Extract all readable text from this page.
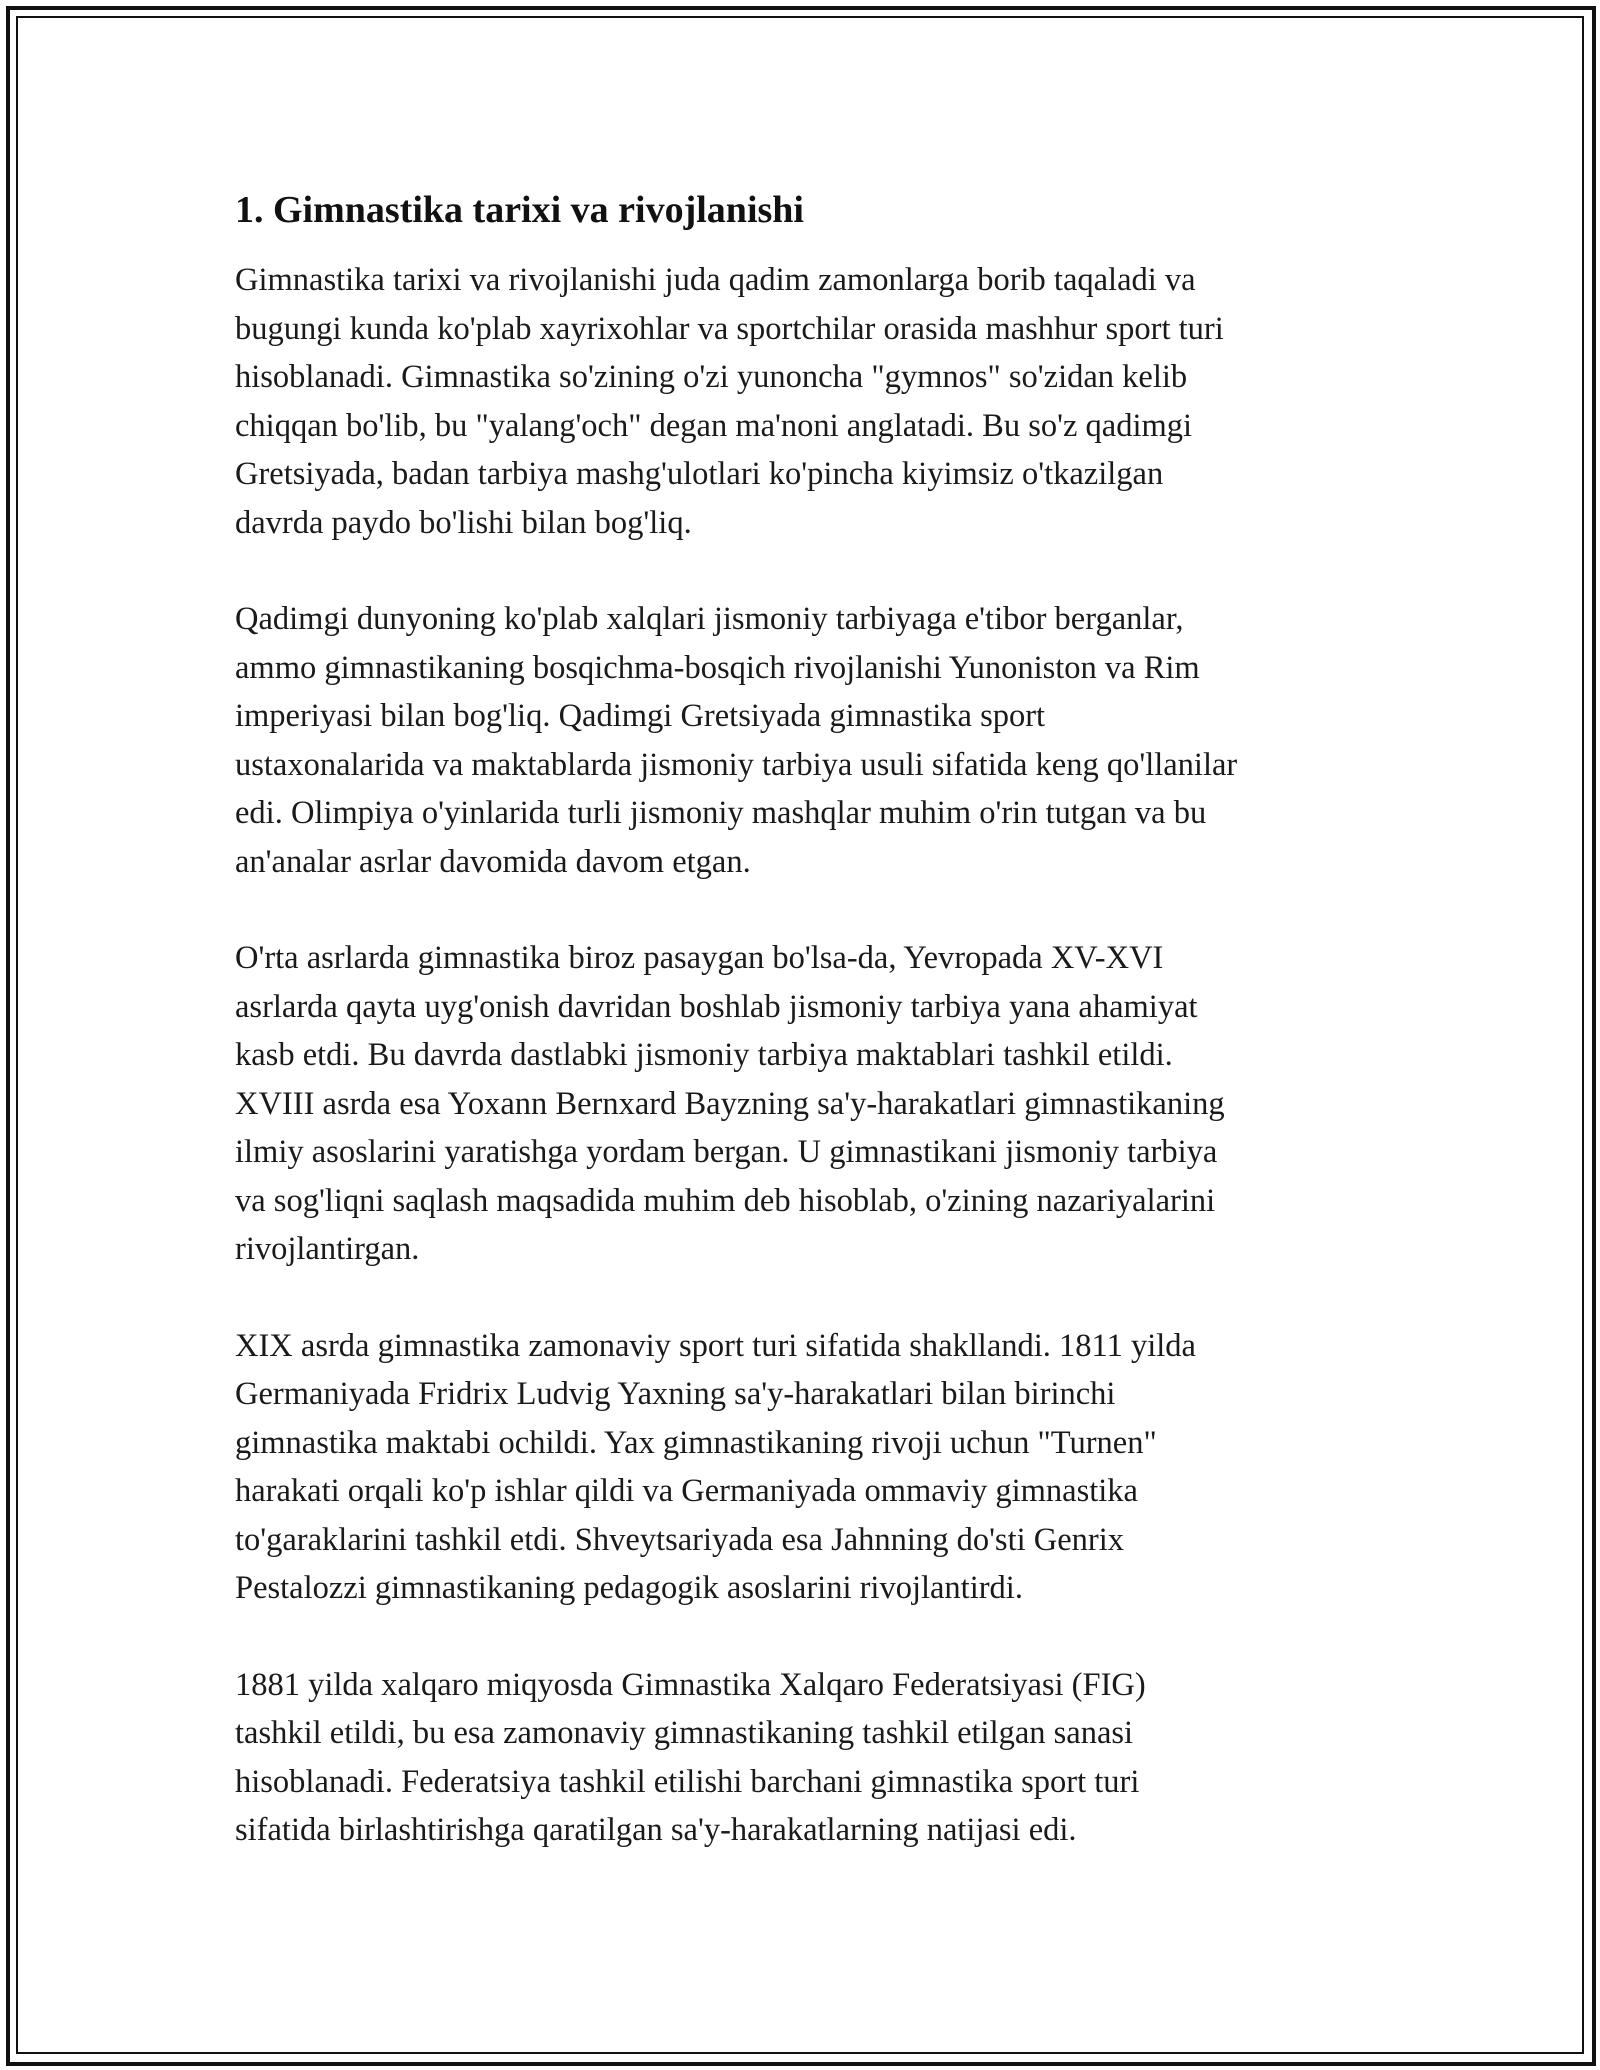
1. Gimnastika tarixi va rivojlanishi
Gimnastika tarixi va rivojlanishi juda qadim zamonlarga borib taqaladi va
bugungi kunda ko'plab xayrixohlar va sportchilar orasida mashhur sport turi
hisoblanadi. Gimnastika so'zining o'zi yunoncha "gymnos" so'zidan kelib
chiqqan bo'lib, bu "yalang'och" degan ma'noni anglatadi. Bu so'z qadimgi
Gretsiyada, badan tarbiya mashg'ulotlari ko'pincha kiyimsiz o'tkazilgan
davrda paydo bo'lishi bilan bog'liq.
Qadimgi dunyoning ko'plab xalqlari jismoniy tarbiyaga e'tibor berganlar,
ammo gimnastikaning bosqichma-bosqich rivojlanishi Yunoniston va Rim
imperiyasi bilan bog'liq. Qadimgi Gretsiyada gimnastika sport
ustaxonalarida va maktablarda jismoniy tarbiya usuli sifatida keng qo'llanilar
edi. Olimpiya o'yinlarida turli jismoniy mashqlar muhim o'rin tutgan va bu
an'analar asrlar davomida davom etgan.
O'rta asrlarda gimnastika biroz pasaygan bo'lsa-da, Yevropada XV-XVI
asrlarda qayta uyg'onish davridan boshlab jismoniy tarbiya yana ahamiyat
kasb etdi. Bu davrda dastlabki jismoniy tarbiya maktablari tashkil etildi.
XVIII asrda esa Yoxann Bernxard Bayzning sa'y-harakatlari gimnastikaning
ilmiy asoslarini yaratishga yordam bergan. U gimnastikani jismoniy tarbiya
va sog'liqni saqlash maqsadida muhim deb hisoblab, o'zining nazariyalarini
rivojlantirgan.
XIX asrda gimnastika zamonaviy sport turi sifatida shakllandi. 1811 yilda
Germaniyada Fridrix Ludvig Yaxning sa'y-harakatlari bilan birinchi
gimnastika maktabi ochildi. Yax gimnastikaning rivoji uchun "Turnen"
harakati orqali ko'p ishlar qildi va Germaniyada ommaviy gimnastika
to'garaklarini tashkil etdi. Shveytsariyada esa Jahnning do'sti Genrix
Pestalozzi gimnastikaning pedagogik asoslarini rivojlantirdi.
1881 yilda xalqaro miqyosda Gimnastika Xalqaro Federatsiyasi (FIG)
tashkil etildi, bu esa zamonaviy gimnastikaning tashkil etilgan sanasi
hisoblanadi. Federatsiya tashkil etilishi barchani gimnastika sport turi
sifatida birlashtirishga qaratilgan sa'y-harakatlarning natijasi edi.
